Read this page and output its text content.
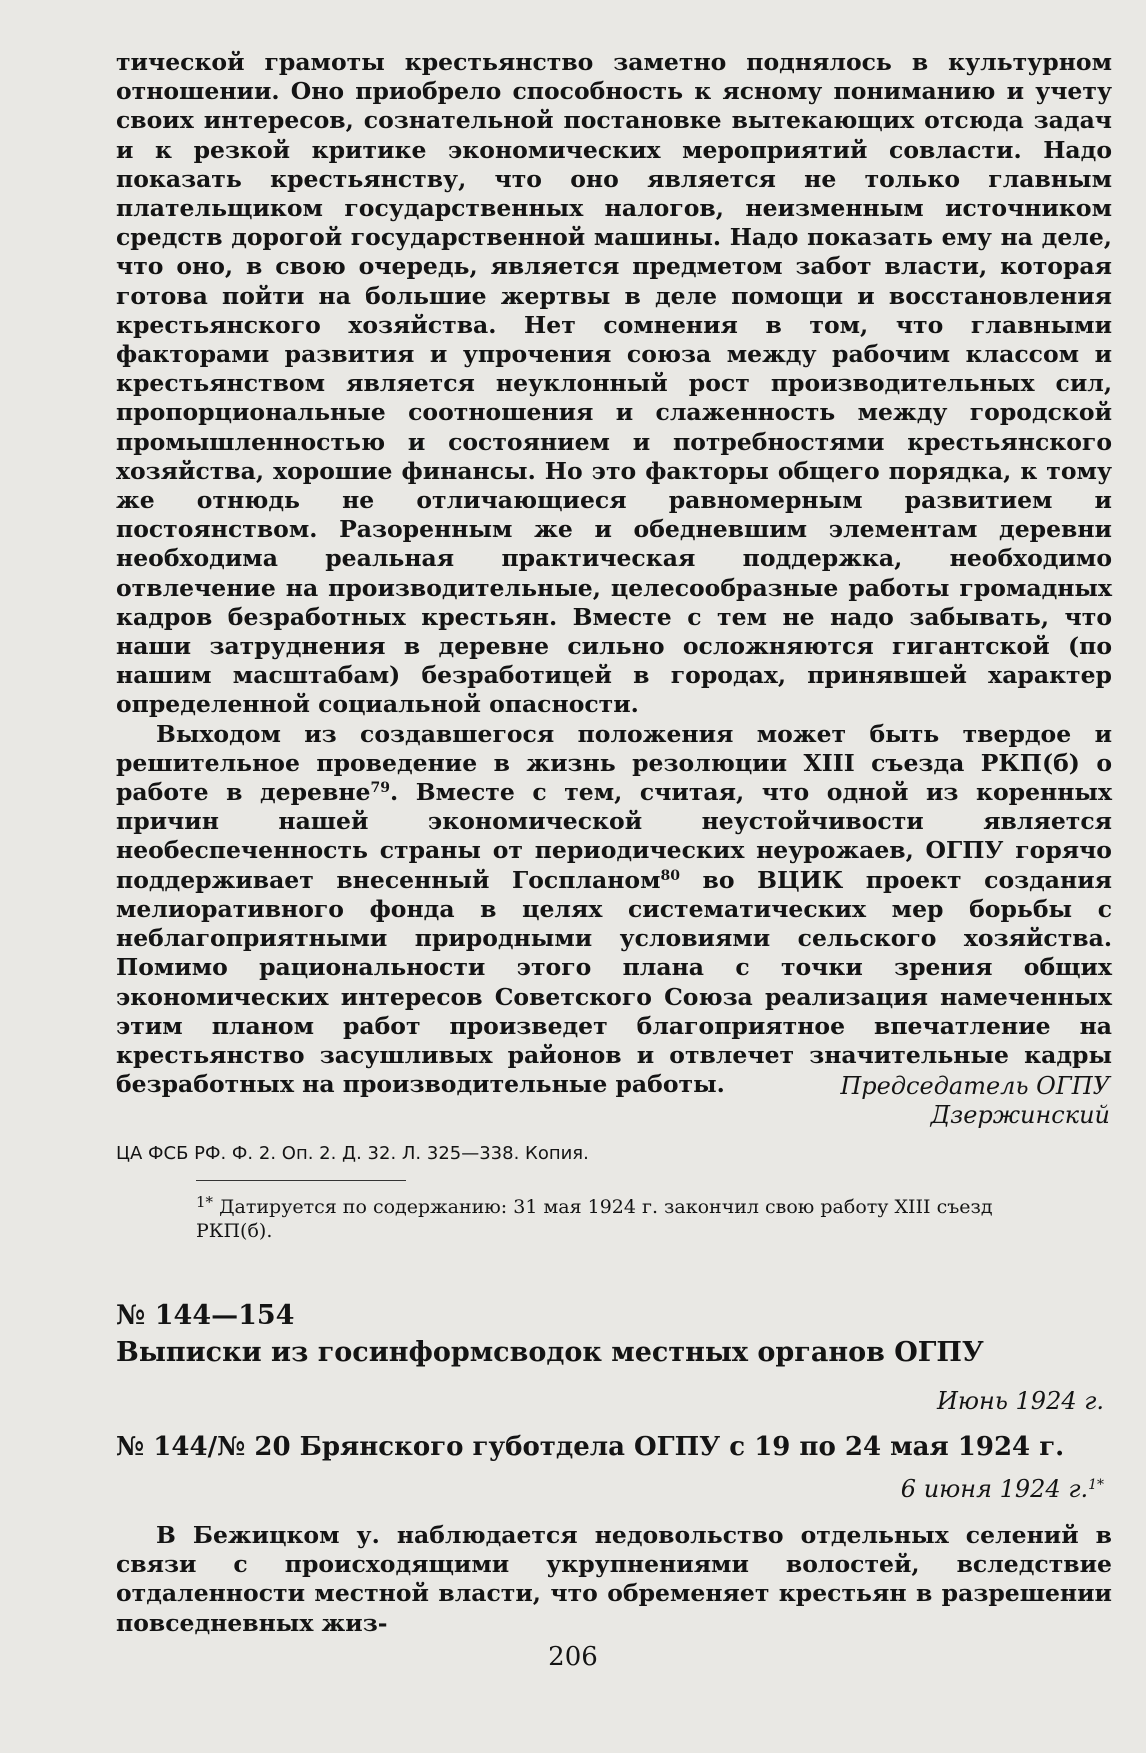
тической грамоты крестьянство заметно поднялось в культурном отношении. Оно приобрело способность к ясному пониманию и учету своих интересов, сознательной постановке вытекающих отсюда задач и к резкой критике экономических мероприятий совласти. Надо показать крестьянству, что оно является не только главным плательщиком государственных налогов, неизменным источником средств дорогой государственной машины. Надо показать ему на деле, что оно, в свою очередь, является предметом забот власти, которая готова пойти на большие жертвы в деле помощи и восстановления крестьянского хозяйства. Нет сомнения в том, что главными факторами развития и упрочения союза между рабочим классом и крестьянством является неуклонный рост производительных сил, пропорциональные соотношения и слаженность между городской промышленностью и состоянием и потребностями крестьянского хозяйства, хорошие финансы. Но это факторы общего порядка, к тому же отнюдь не отличающиеся равномерным развитием и постоянством. Разоренным же и обедневшим элементам деревни необходима реальная практическая поддержка, необходимо отвлечение на производительные, целесообразные работы громадных кадров безработных крестьян. Вместе с тем не надо забывать, что наши затруднения в деревне сильно осложняются гигантской (по нашим масштабам) безработицей в городах, принявшей характер определенной социальной опасности.

Выходом из создавшегося положения может быть твердое и решительное проведение в жизнь резолюции XIII съезда РКП(б) о работе в деревне$^{79}$. Вместе с тем, считая, что одной из коренных причин нашей экономической неустойчивости является необеспеченность страны от периодических неурожаев, ОГПУ горячо поддерживает внесенный Госпланом$^{80}$ во ВЦИК проект создания мелиоративного фонда в целях систематических мер борьбы с неблагоприятными природными условиями сельского хозяйства. Помимо рациональности этого плана с точки зрения общих экономических интересов Советского Союза реализация намеченных этим планом работ произведет благоприятное впечатление на крестьянство засушливых районов и отвлечет значительные кадры безработных на производительные работы.	Председатель ОГПУ
Дзержинский
ЦА ФСБ РФ. Ф. 2. Оп. 2. Д. 32. Л. 325—338. Копия.
$^{1*}$ Датируется по содержанию: 31 мая 1924 г. закончил свою работу XIII съезд РКП(б).
№ 144—154
Выписки из госинформсводок местных органов ОГПУ
Июнь 1924 г.
№ 144/№ 20 Брянского губотдела ОГПУ с 19 по 24 мая 1924 г.
6 июня 1924 г.$^{1*}$

В Бежицком у. наблюдается недовольство отдельных селений в связи с происходящими укрупнениями волостей, вследствие отдаленности местной власти, что обременяет крестьян в разрешении повседневных жиз-

206
